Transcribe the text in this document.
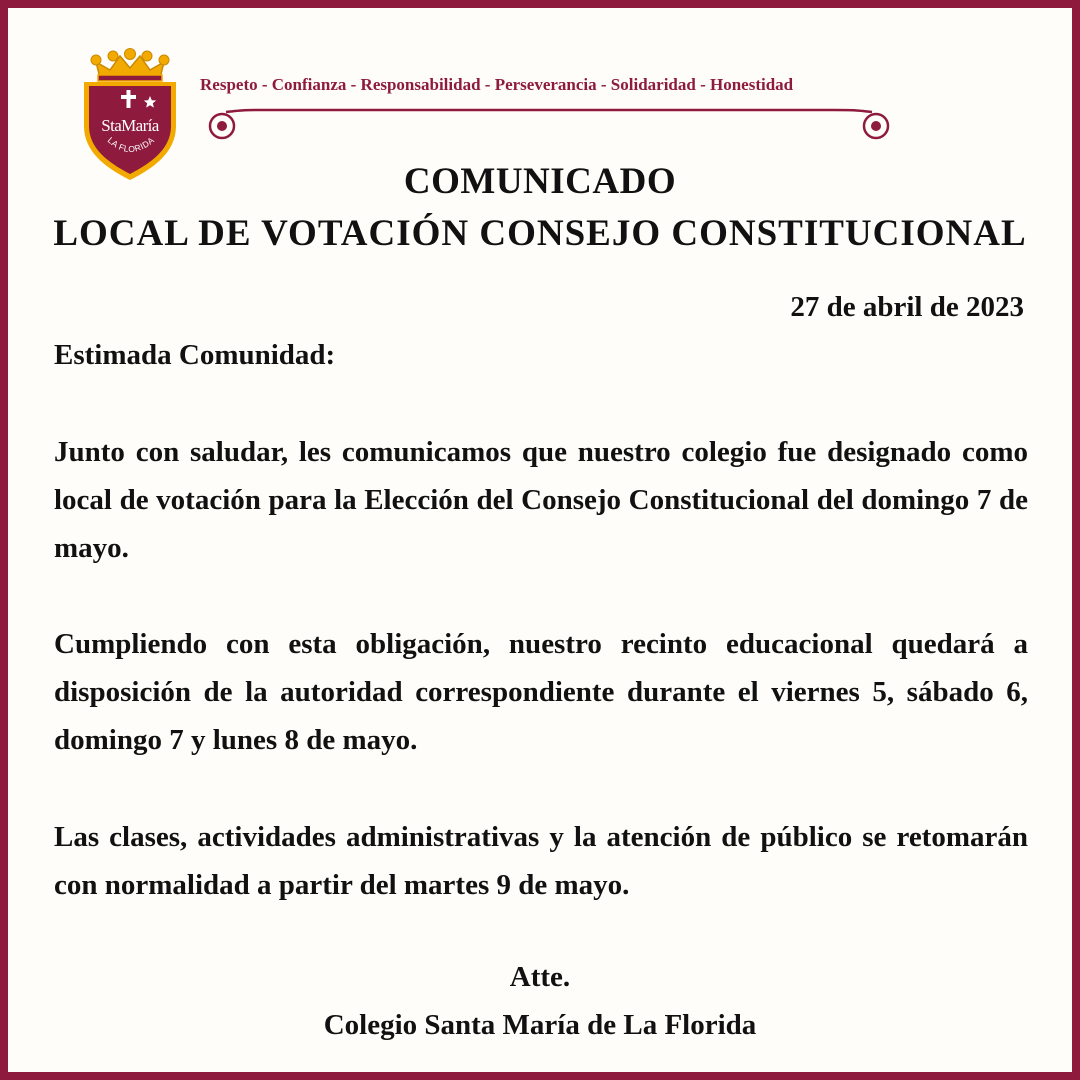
StaMaría
LA FLORIDA
Respeto - Confianza - Responsabilidad - Perseverancia - Solidaridad - Honestidad
COMUNICADO
LOCAL DE VOTACIÓN CONSEJO CONSTITUCIONAL
27 de abril de 2023
Estimada Comunidad:
Junto con saludar, les comunicamos que nuestro colegio fue designado como local de votación para la Elección del Consejo Constitucional del domingo 7 de mayo.
Cumpliendo con esta obligación, nuestro recinto educacional quedará a disposición de la autoridad correspondiente durante el viernes 5, sábado 6, domingo 7 y lunes 8 de mayo.
Las clases, actividades administrativas y la atención de público se retomarán con normalidad a partir del martes 9 de mayo.
Atte.
Colegio Santa María de La Florida
